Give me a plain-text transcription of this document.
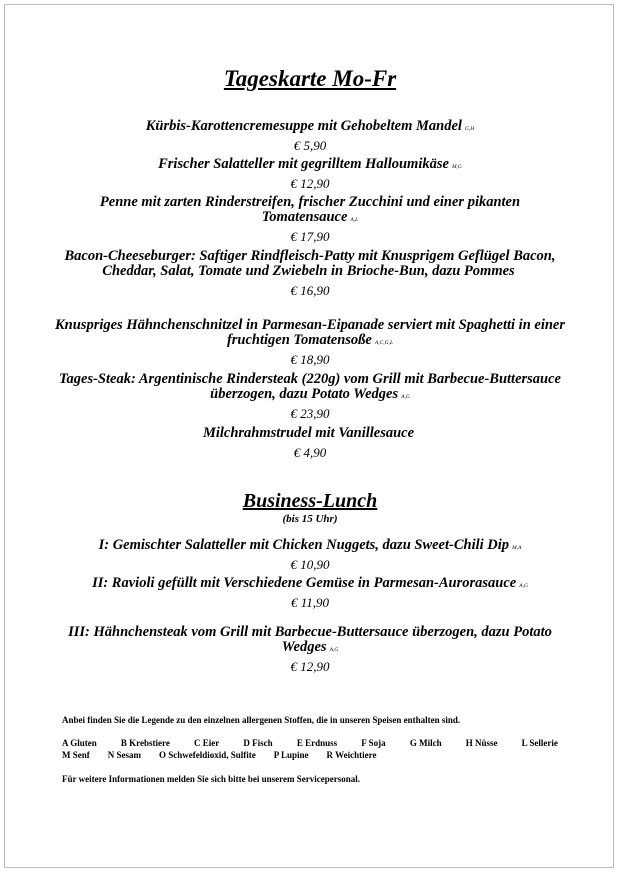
Tageskarte Mo-Fr
Kürbis-Karottencremesuppe mit Gehobeltem Mandel G,H
€ 5,90
Frischer Salatteller mit gegrilltem Halloumikäse M,G
€ 12,90
Penne mit zarten Rinderstreifen, frischer Zucchini und einer pikanten Tomatensauce A,L
€ 17,90
Bacon-Cheeseburger: Saftiger Rindfleisch-Patty mit Knusprigem Geflügel Bacon, Cheddar, Salat, Tomate und Zwiebeln in Brioche-Bun, dazu Pommes
€ 16,90
Knuspriges Hähnchenschnitzel in Parmesan-Eipanade serviert mit Spaghetti in einer fruchtigen Tomatensoße A,C,G,L
€ 18,90
Tages-Steak: Argentinische Rindersteak (220g) vom Grill mit Barbecue-Buttersauce überzogen, dazu Potato Wedges A,G
€ 23,90
Milchrahmstrudel mit Vanillesauce
€ 4,90
Business-Lunch
(bis 15 Uhr)
I: Gemischter Salatteller mit Chicken Nuggets, dazu Sweet-Chili Dip M,A
€ 10,90
II: Ravioli gefüllt mit Verschiedene Gemüse in Parmesan-Aurorasauce A,G
€ 11,90
III: Hähnchensteak vom Grill mit Barbecue-Buttersauce überzogen, dazu Potato Wedges A,G
€ 12,90
Anbei finden Sie die Legende zu den einzelnen allergenen Stoffen, die in unseren Speisen enthalten sind.
A Gluten	B Krebstiere	C Eier	D Fisch	E Erdnuss	F Soja	G Milch	H Nüsse	L Sellerie
M Senf N Sesam O Schwefeldioxid, Sulfite P Lupine R Weichtiere
Für weitere Informationen melden Sie sich bitte bei unserem Servicepersonal.
